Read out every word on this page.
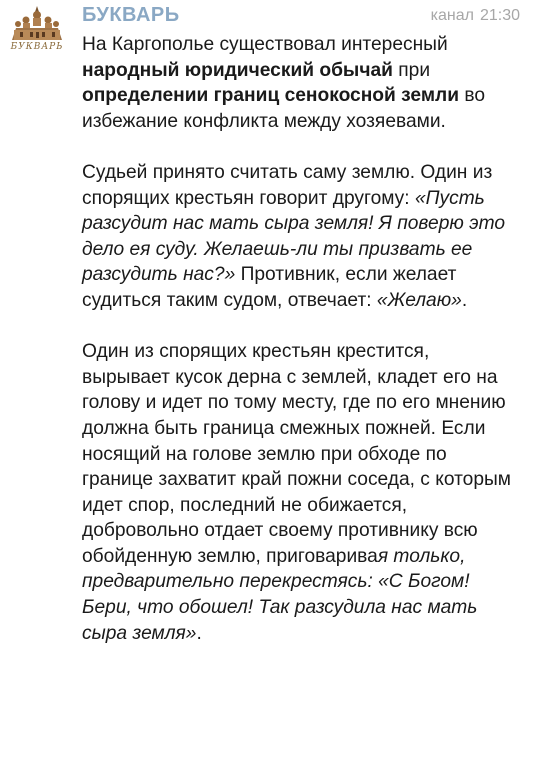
БУКВАРЬ
БУКВАРЬ	канал 21:30

На Каргополье существовал интересный народный юридический обычай при определении границ сенокосной земли во избежание конфликта между хозяевами.

Судьей принято считать саму землю. Один из спорящих крестьян говорит другому: «Пусть разсудит нас мать сыра земля! Я поверю это дело ея суду. Желаешь-ли ты призвать ее разсудить нас?» Противник, если желает судиться таким судом, отвечает: «Желаю».

Один из спорящих крестьян крестится, вырывает кусок дерна с землей, кладет его на голову и идет по тому месту, где по его мнению должна быть граница смежных пожней. Если носящий на голове землю при обходе по границе захватит край пожни соседа, с которым идет спор, последний не обижается, добровольно отдает своему противнику всю обойденную землю, приговаривая только, предварительно перекрестясь: «С Богом! Бери, что обошел! Так разсудила нас мать сыра земля».
